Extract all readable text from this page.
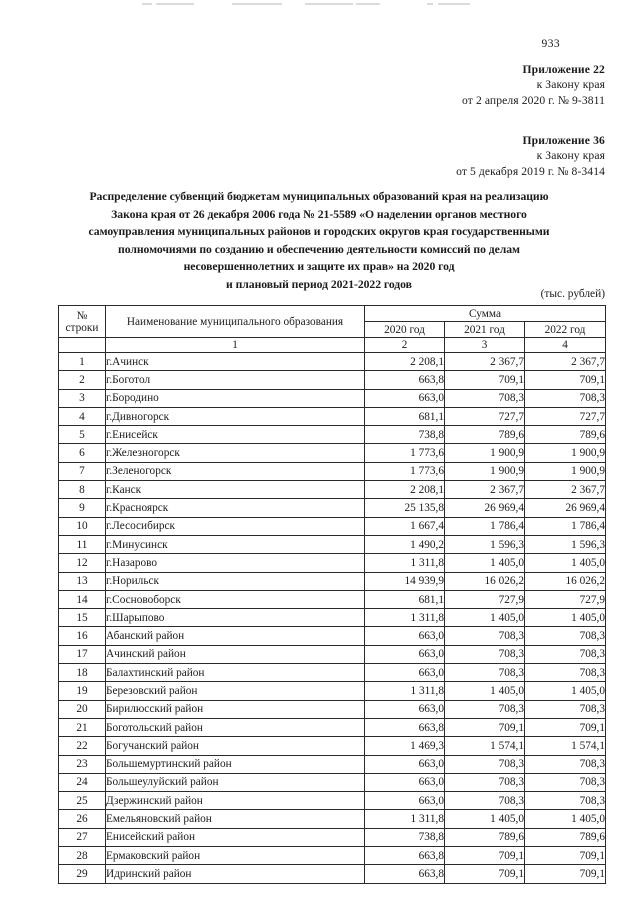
933
Приложение 22
к Закону края
от 2 апреля 2020 г. № 9-3811
Приложение 36
к Закону края
от 5 декабря 2019 г. № 8-3414
Распределение субвенций бюджетам муниципальных образований края на реализацию
Закона края от 26 декабря 2006 года № 21-5589 «О наделении органов местного
самоуправления муниципальных районов и городских округов края государственными
полномочиями по созданию и обеспечению деятельности комиссий по делам
несовершеннолетних и защите их прав» на 2020 год
и плановый период 2021-2022 годов
(тыс. рублей)
№
строки	Наименование муниципального образования	Сумма		
		2020 год	2021 год	2022 год
	1	2	3	4
1	г.Ачинск	2 208,1	2 367,7	2 367,7
2	г.Боготол	663,8	709,1	709,1
3	г.Бородино	663,0	708,3	708,3
4	г.Дивногорск	681,1	727,7	727,7
5	г.Енисейск	738,8	789,6	789,6
6	г.Железногорск	1 773,6	1 900,9	1 900,9
7	г.Зеленогорск	1 773,6	1 900,9	1 900,9
8	г.Канск	2 208,1	2 367,7	2 367,7
9	г.Красноярск	25 135,8	26 969,4	26 969,4
10	г.Лесосибирск	1 667,4	1 786,4	1 786,4
11	г.Минусинск	1 490,2	1 596,3	1 596,3
12	г.Назарово	1 311,8	1 405,0	1 405,0
13	г.Норильск	14 939,9	16 026,2	16 026,2
14	г.Сосновоборск	681,1	727,9	727,9
15	г.Шарыпово	1 311,8	1 405,0	1 405,0
16	Абанский район	663,0	708,3	708,3
17	Ачинский район	663,0	708,3	708,3
18	Балахтинский район	663,0	708,3	708,3
19	Березовский район	1 311,8	1 405,0	1 405,0
20	Бирилюсский район	663,0	708,3	708,3
21	Боготольский район	663,8	709,1	709,1
22	Богучанский район	1 469,3	1 574,1	1 574,1
23	Большемуртинский район	663,0	708,3	708,3
24	Большеулуйский район	663,0	708,3	708,3
25	Дзержинский район	663,0	708,3	708,3
26	Емельяновский район	1 311,8	1 405,0	1 405,0
27	Енисейский район	738,8	789,6	789,6
28	Ермаковский район	663,8	709,1	709,1
29	Идринский район	663,8	709,1	709,1
